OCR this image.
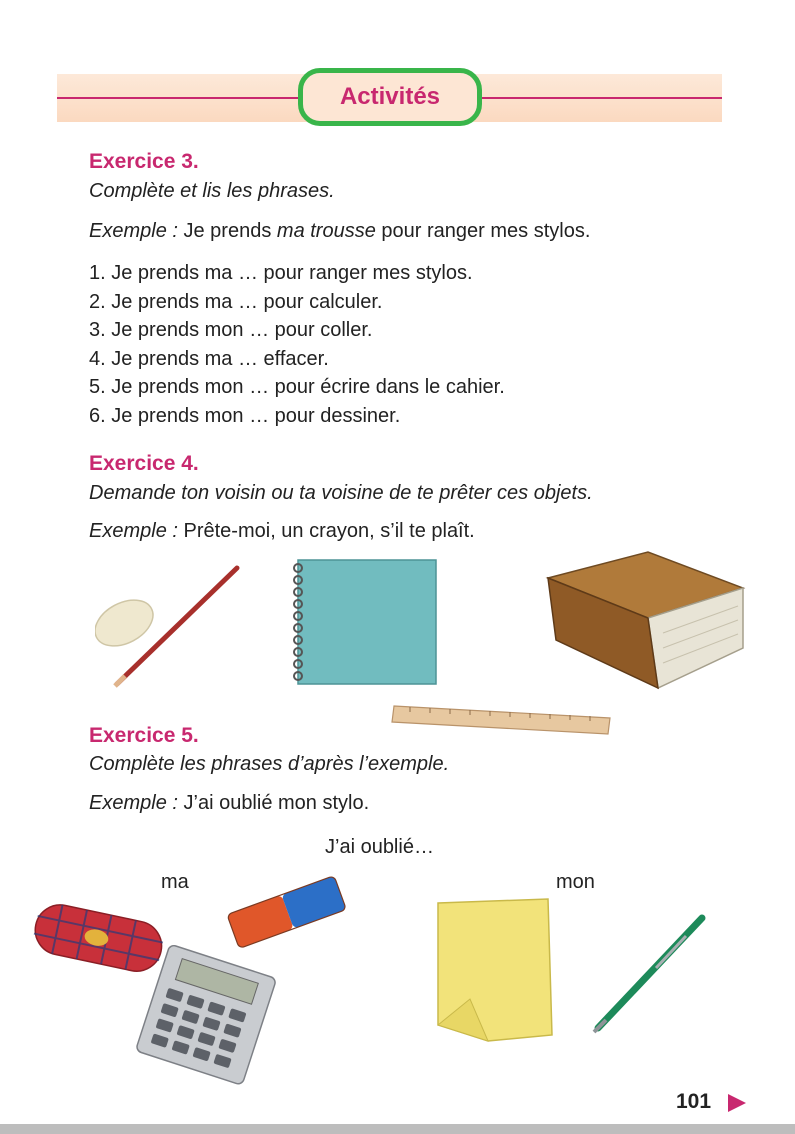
Activités
Exercice 3.
Complète et lis les phrases.
Exemple : Je prends ma trousse pour ranger mes stylos.
1. Je prends ma … pour ranger mes stylos.
2. Je prends ma … pour calculer.
3. Je prends mon … pour coller.
4. Je prends ma … effacer.
5. Je prends mon … pour écrire dans le cahier.
6. Je prends mon … pour dessiner.
Exercice 4.
Demande ton voisin ou ta voisine de te prêter ces objets.
Exemple : Prête-moi, un crayon, s’il te plaît.
Exercice 5.
Complète les phrases d’après l’exemple.
Exemple : J’ai oublié mon stylo.
J’ai oublié…
ma	mon
101
